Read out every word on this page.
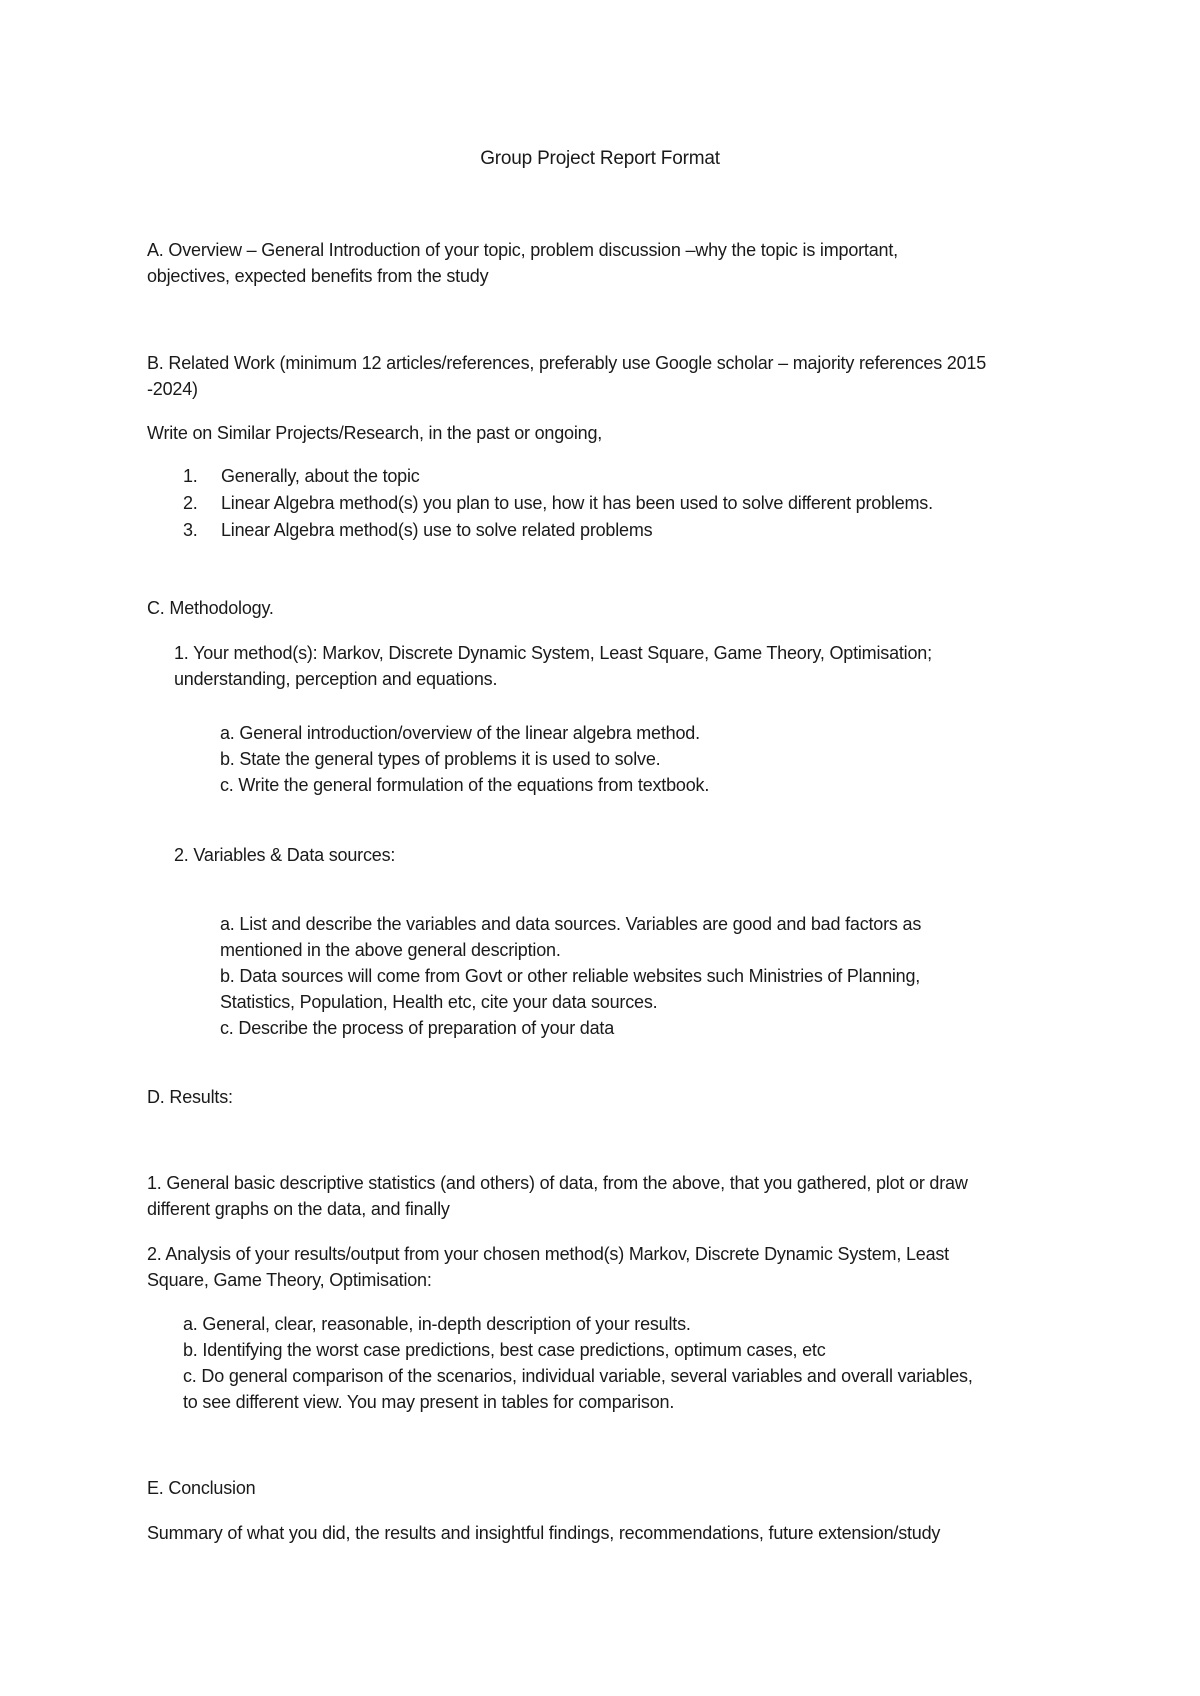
Group Project Report Format
A. Overview – General Introduction of your topic, problem discussion –why the topic is important,
objectives, expected benefits from the study
B. Related Work (minimum 12 articles/references, preferably use Google scholar – majority references 2015
-2024)
Write on Similar Projects/Research, in the past or ongoing,
1. Generally, about the topic
2. Linear Algebra method(s) you plan to use, how it has been used to solve different problems.
3. Linear Algebra method(s) use to solve related problems
C. Methodology.
1. Your method(s): Markov, Discrete Dynamic System, Least Square, Game Theory, Optimisation;
understanding, perception and equations.
a. General introduction/overview of the linear algebra method.
b. State the general types of problems it is used to solve.
c. Write the general formulation of the equations from textbook.
2. Variables & Data sources:
a. List and describe the variables and data sources. Variables are good and bad factors as
mentioned in the above general description.
b. Data sources will come from Govt or other reliable websites such Ministries of Planning,
Statistics, Population, Health etc, cite your data sources.
c. Describe the process of preparation of your data
D. Results:
1. General basic descriptive statistics (and others) of data, from the above, that you gathered, plot or draw
different graphs on the data, and finally
2. Analysis of your results/output from your chosen method(s) Markov, Discrete Dynamic System, Least
Square, Game Theory, Optimisation:
a. General, clear, reasonable, in-depth description of your results.
b. Identifying the worst case predictions, best case predictions, optimum cases, etc
c. Do general comparison of the scenarios, individual variable, several variables and overall variables,
to see different view. You may present in tables for comparison.
E. Conclusion
Summary of what you did, the results and insightful findings, recommendations, future extension/study
